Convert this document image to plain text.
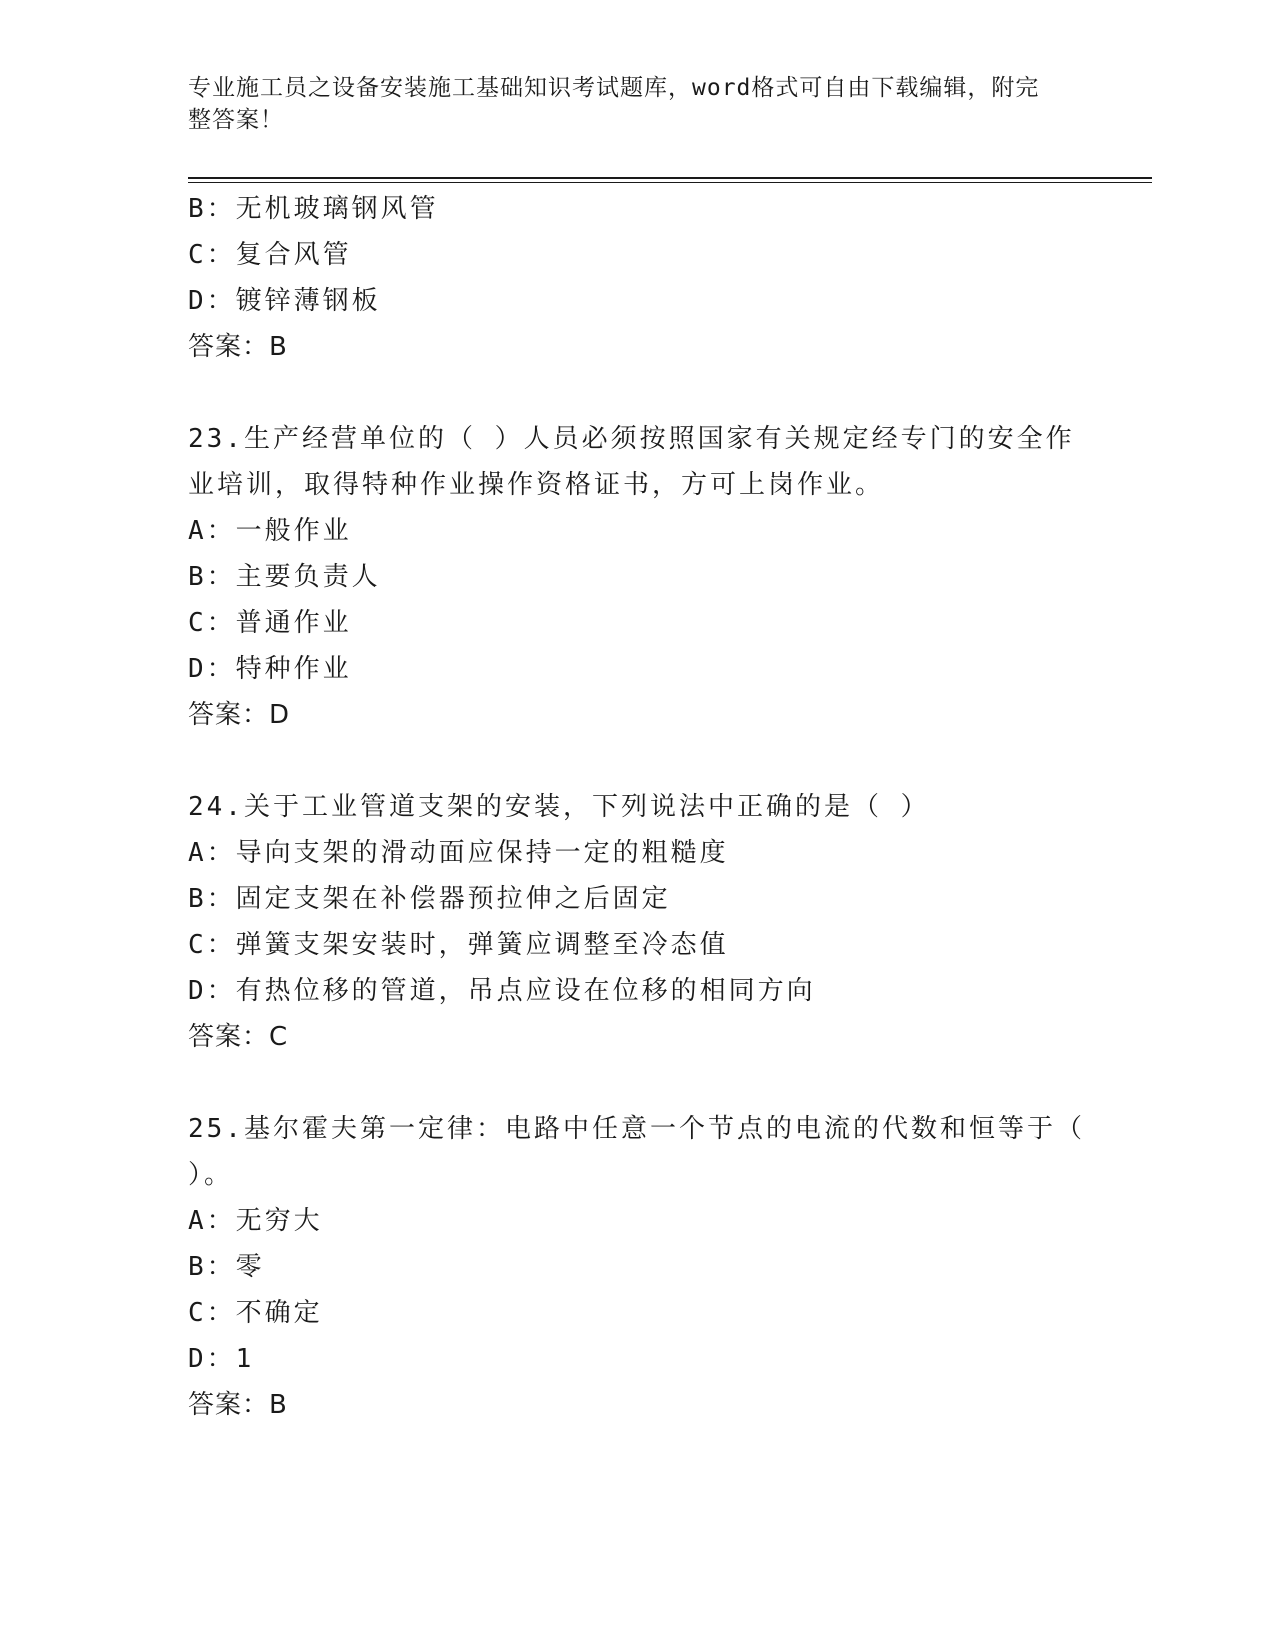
专业施工员之设备安装施工基础知识考试题库，word格式可自由下载编辑，附完
整答案！
B：无机玻璃钢风管
C：复合风管
D：镀锌薄钢板
答案：B
23.生产经营单位的（ ）人员必须按照国家有关规定经专门的安全作
业培训，取得特种作业操作资格证书，方可上岗作业。
A：一般作业
B：主要负责人
C：普通作业
D：特种作业
答案：D
24.关于工业管道支架的安装，下列说法中正确的是（ ）
A：导向支架的滑动面应保持一定的粗糙度
B：固定支架在补偿器预拉伸之后固定
C：弹簧支架安装时，弹簧应调整至冷态值
D：有热位移的管道，吊点应设在位移的相同方向
答案：C
25.基尔霍夫第一定律：电路中任意一个节点的电流的代数和恒等于（
）。
A：无穷大
B：零
C：不确定
D：1
答案：B
